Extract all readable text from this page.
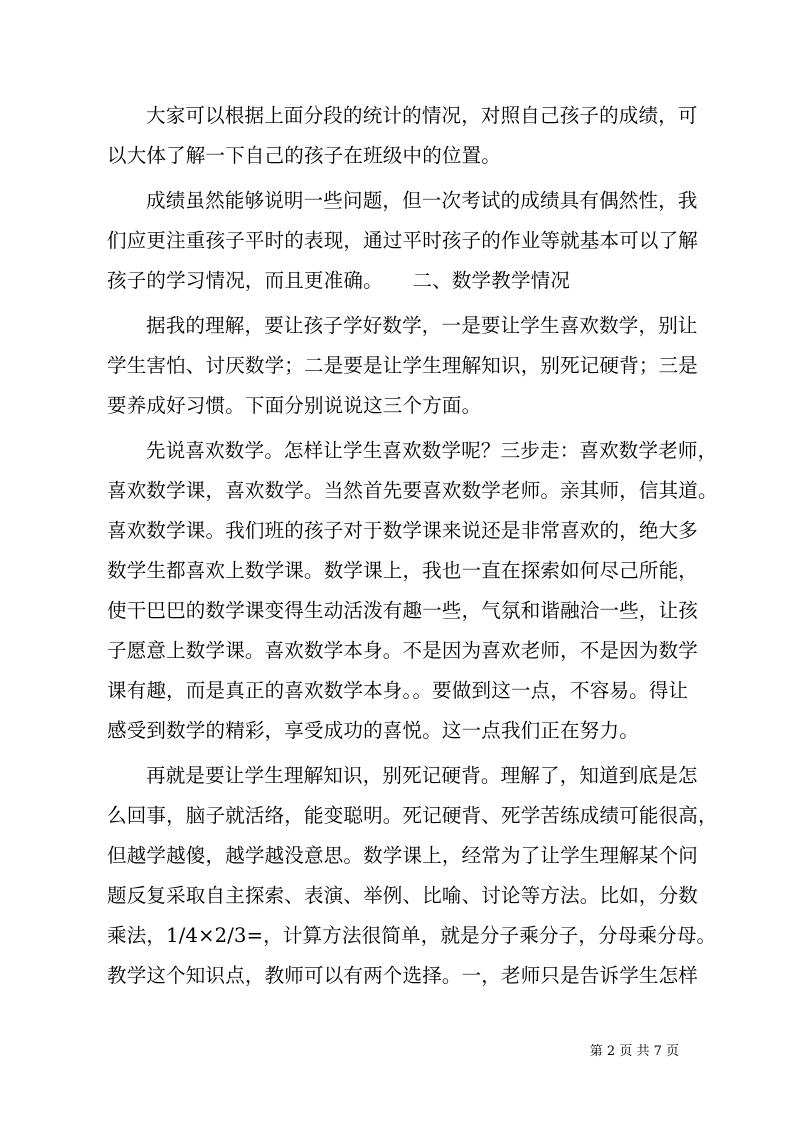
大家可以根据上面分段的统计的情况，对照自己孩子的成绩，可
以大体了解一下自己的孩子在班级中的位置。

成绩虽然能够说明一些问题，但一次考试的成绩具有偶然性，我
们应更注重孩子平时的表现，通过平时孩子的作业等就基本可以了解
孩子的学习情况，而且更准确。　　二、数学教学情况

据我的理解，要让孩子学好数学，一是要让学生喜欢数学，别让
学生害怕、讨厌数学；二是要是让学生理解知识，别死记硬背；三是
要养成好习惯。下面分别说说这三个方面。

先说喜欢数学。怎样让学生喜欢数学呢？三步走：喜欢数学老师，
喜欢数学课，喜欢数学。当然首先要喜欢数学老师。亲其师，信其道。
喜欢数学课。我们班的孩子对于数学课来说还是非常喜欢的，绝大多
数学生都喜欢上数学课。数学课上，我也一直在探索如何尽己所能，
使干巴巴的数学课变得生动活泼有趣一些，气氛和谐融洽一些，让孩
子愿意上数学课。喜欢数学本身。不是因为喜欢老师，不是因为数学
课有趣，而是真正的喜欢数学本身。。要做到这一点，不容易。得让
感受到数学的精彩，享受成功的喜悦。这一点我们正在努力。

再就是要让学生理解知识，别死记硬背。理解了，知道到底是怎
么回事，脑子就活络，能变聪明。死记硬背、死学苦练成绩可能很高，
但越学越傻，越学越没意思。数学课上，经常为了让学生理解某个问
题反复采取自主探索、表演、举例、比喻、讨论等方法。比如，分数
乘法，1/4×2/3=，计算方法很简单，就是分子乘分子，分母乘分母。
教学这个知识点，教师可以有两个选择。一，老师只是告诉学生怎样

第 2 页 共 7 页
